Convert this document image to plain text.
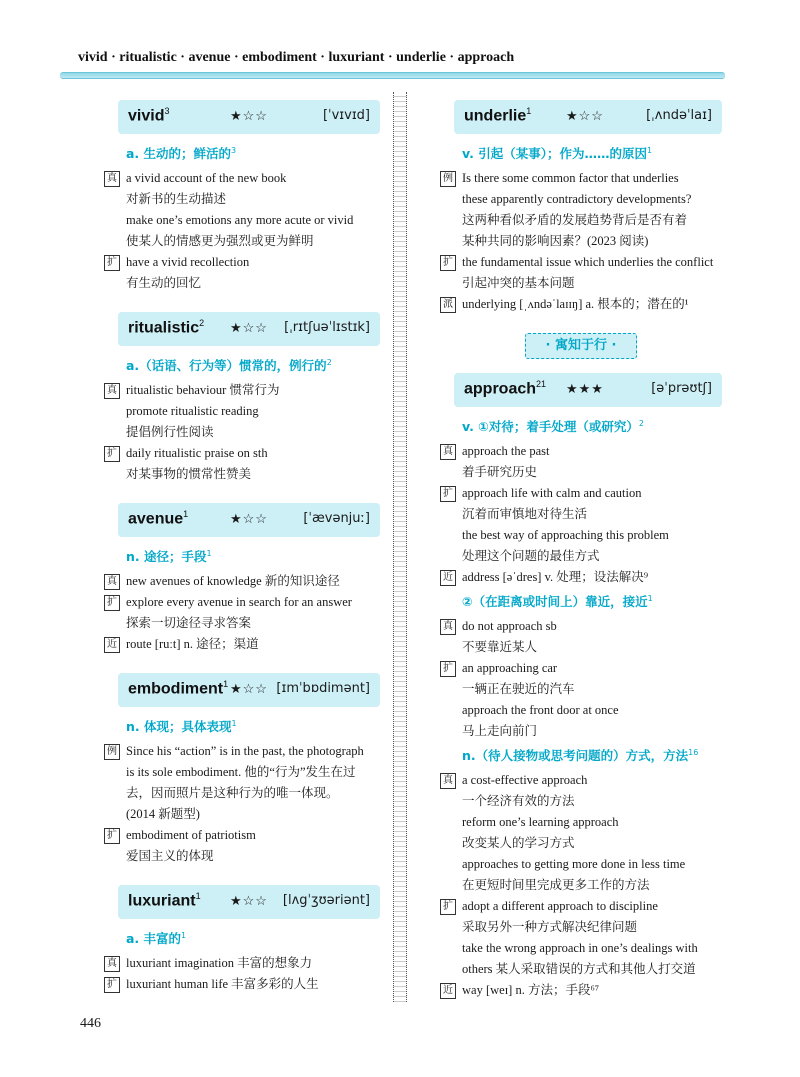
vivid · ritualistic · avenue · embodiment · luxuriant · underlie · approach
vivid$^3$	★☆☆	[ˈvɪvɪd]
a. 生动的；鲜活的$^3$
真 a vivid account of the new book
对新书的生动描述
make one’s emotions any more acute or vivid
使某人的情感更为强烈或更为鲜明
扩 have a vivid recollection
有生动的回忆
ritualistic$^2$ ★☆☆ [ˌrɪtʃuəˈlɪstɪk]
a.（话语、行为等）惯常的，例行的$^2$
真 ritualistic behaviour 惯常行为
promote ritualistic reading
提倡例行性阅读
扩 daily ritualistic praise on sth
对某事物的惯常性赞美
avenue$^1$	★☆☆	[ˈævənjuː]
n. 途径；手段$^1$
真 new avenues of knowledge 新的知识途径
扩 explore every avenue in search for an answer
探索一切途径寻求答案
近 route [ruːt] n. 途径；渠道
embodiment$^1$ ★☆☆ [ɪmˈbɒdimənt]
n. 体现；具体表现$^1$
例 Since his “action” is in the past, the photograph
is its sole embodiment. 他的“行为”发生在过
去，因而照片是这种行为的唯一体现。
(2014 新题型)
扩 embodiment of patriotism
爱国主义的体现
luxuriant$^1$ ★☆☆ [lʌgˈʒʊəriənt]
a. 丰富的$^1$
真 luxuriant imagination 丰富的想象力
扩 luxuriant human life 丰富多彩的人生
underlie$^1$	★☆☆	[ˌʌndəˈlaɪ]
v. 引起（某事）；作为……的原因$^1$
例 Is there some common factor that underlies
these apparently contradictory developments?
这两种看似矛盾的发展趋势背后是否有着
某种共同的影响因素？(2023 阅读)
扩 the fundamental issue which underlies the conflict
引起冲突的基本问题
派 underlying [ˌʌndəˈlaɪɪŋ] a. 根本的；潜在的¹
· 寓知于行 ·
approach$^{21}$ ★★★	[əˈprəʊtʃ]
v. ①对待；着手处理（或研究）$^2$
真 approach the past
着手研究历史
扩 approach life with calm and caution
沉着而审慎地对待生活
the best way of approaching this problem
处理这个问题的最佳方式
近 address [əˈdres] v. 处理；设法解决⁹
②（在距离或时间上）靠近，接近$^1$
真 do not approach sb
不要靠近某人
扩 an approaching car
一辆正在驶近的汽车
approach the front door at once
马上走向前门
n.（待人接物或思考问题的）方式，方法$^{16}$
真 a cost-effective approach
一个经济有效的方法
reform one’s learning approach
改变某人的学习方式
approaches to getting more done in less time
在更短时间里完成更多工作的方法
扩 adopt a different approach to discipline
采取另外一种方式解决纪律问题
take the wrong approach in one’s dealings with
others 某人采取错误的方式和其他人打交道
近 way [weɪ] n. 方法；手段⁶⁷
446
